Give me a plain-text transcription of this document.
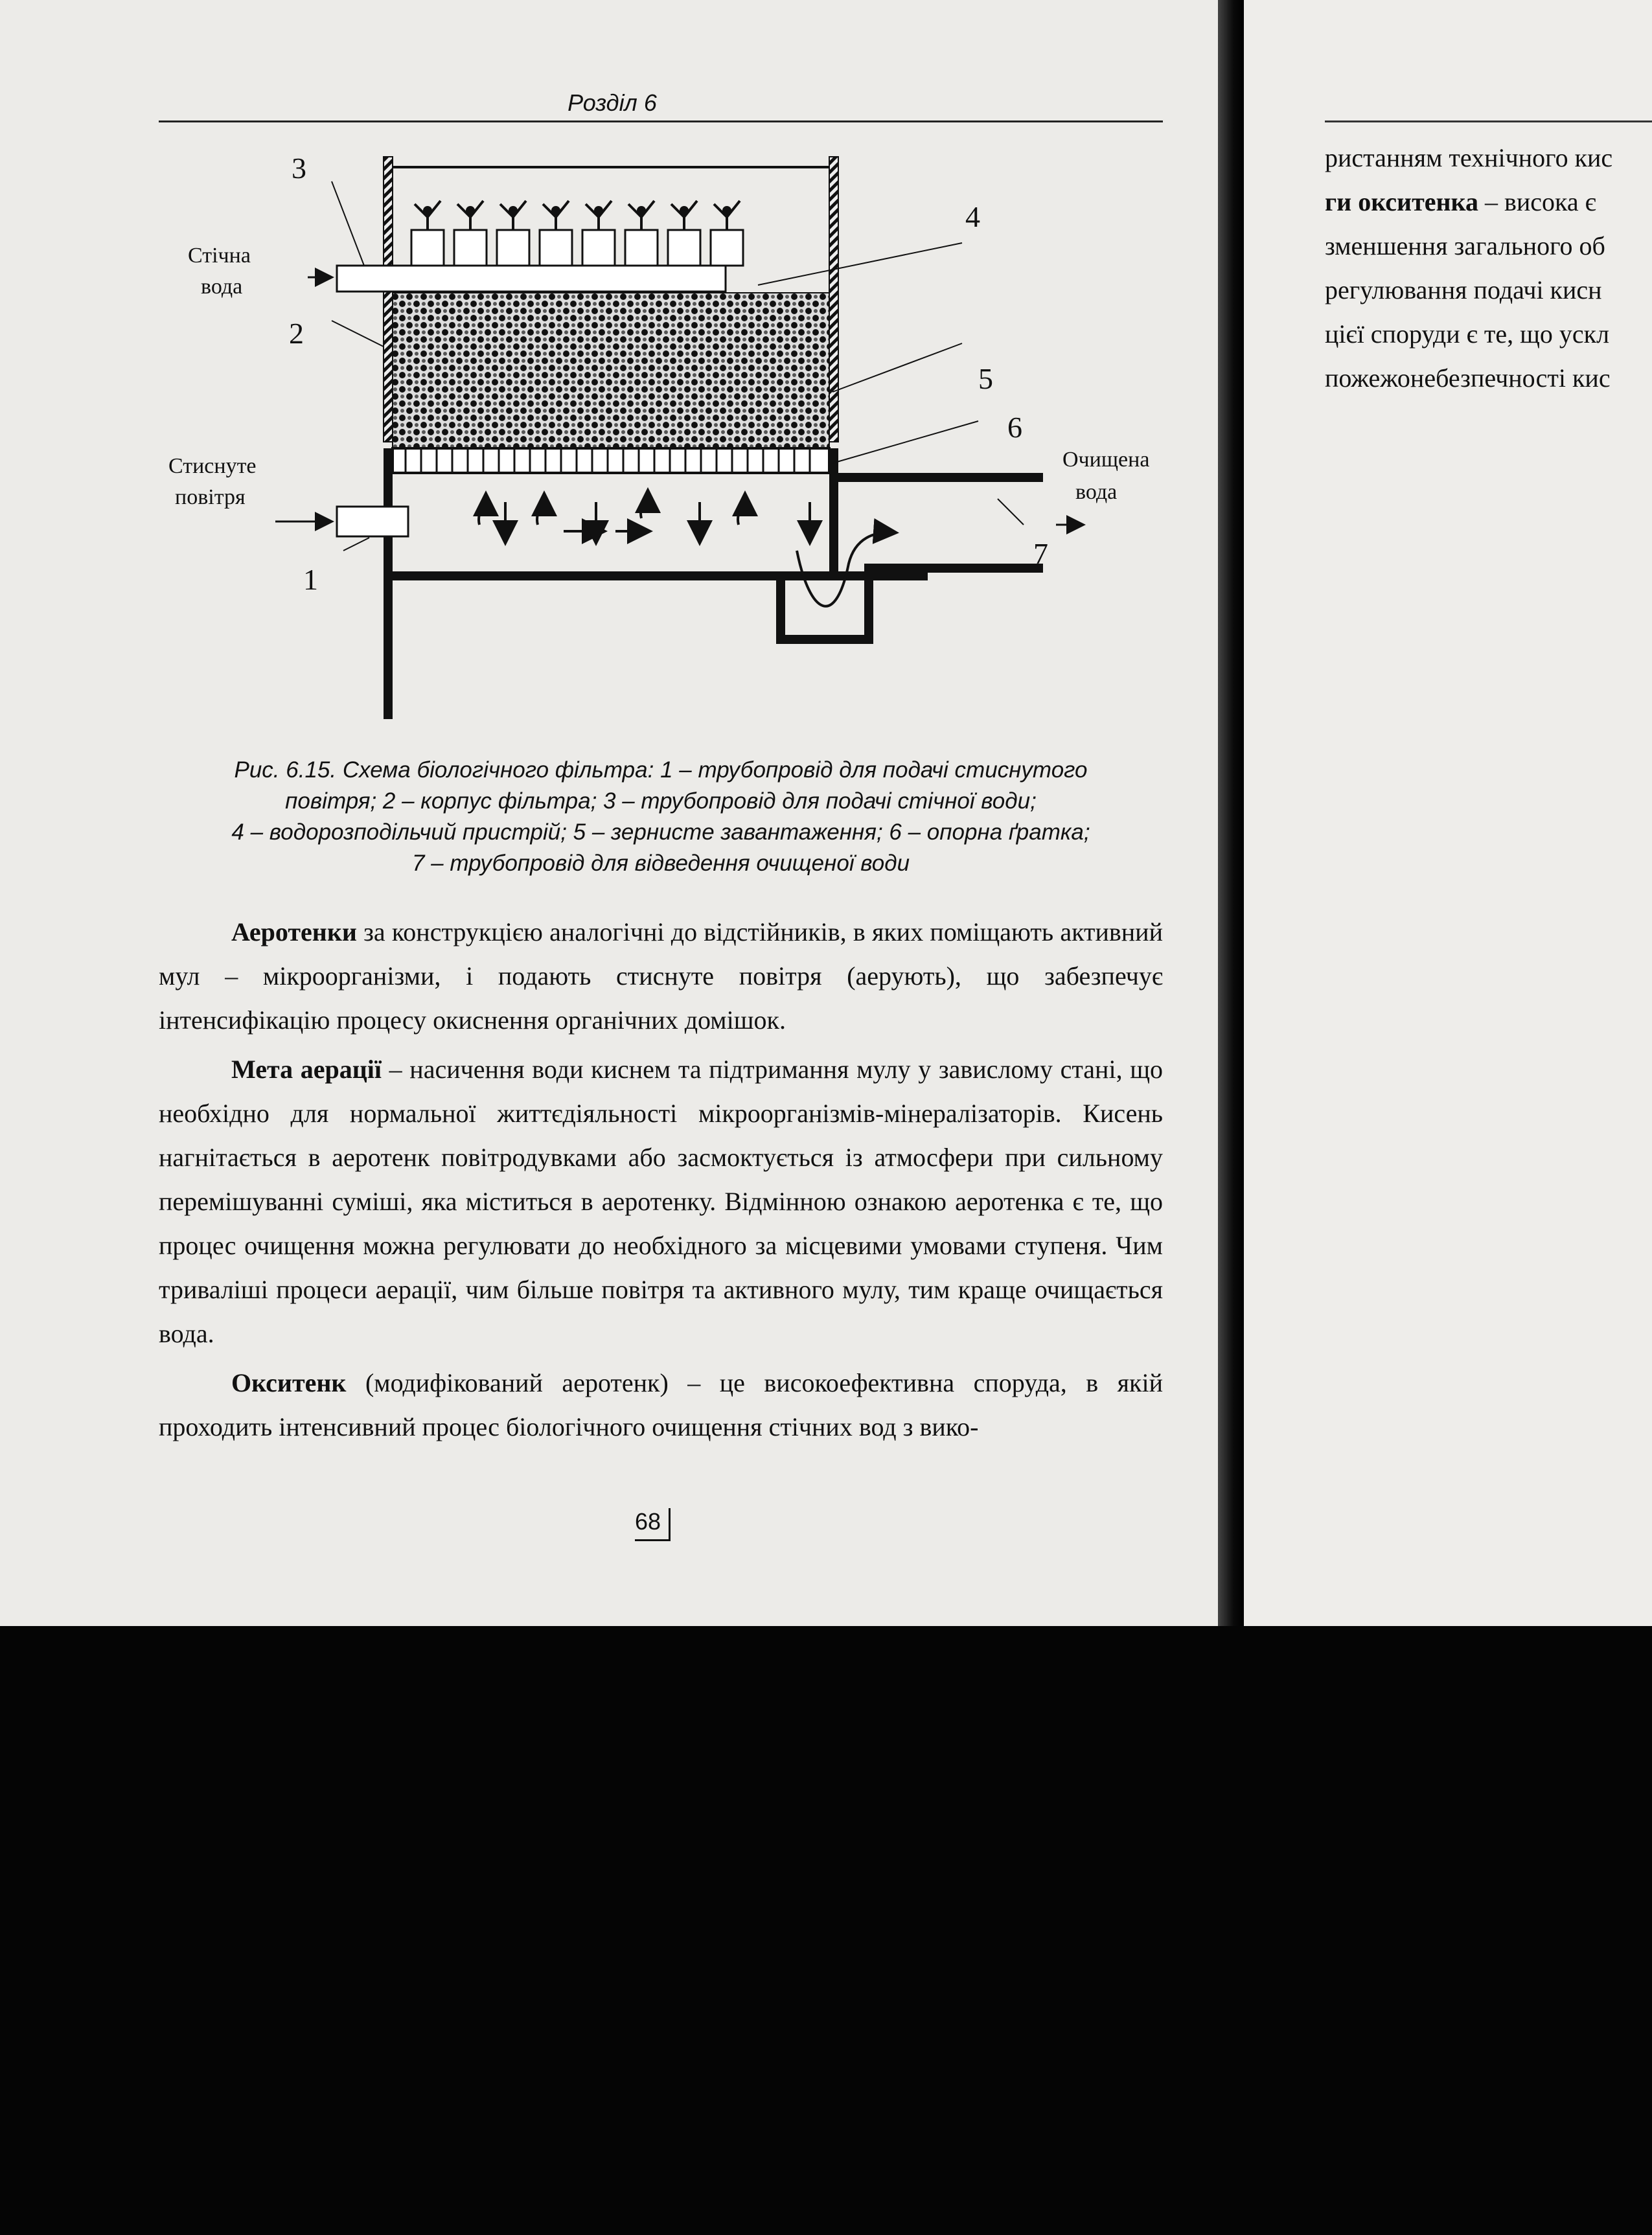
Розділ 6
Стічна
вода
Стиснуте
повітря
Очищена
вода
1
2
3
4
5
6
7
Рис. 6.15. Схема біологічного фільтра: 1 – трубопровід для подачі стиснутого
повітря; 2 – корпус фільтра; 3 – трубопровід для подачі стічної води;
4 – водорозподільчий пристрій; 5 – зернисте завантаження; 6 – опорна ґратка;
7 – трубопровід для відведення очищеної води

Аеротенки за конструкцією аналогічні до відстійників, в яких поміщають активний мул – мікроорганізми, і подають стиснуте повітря (аерують), що забезпечує інтенсифікацію процесу окиснення органічних домішок.

Мета аерації – насичення води киснем та підтримання мулу у завислому стані, що необхідно для нормальної життєдіяльності мікроорганізмів-мінералізаторів. Кисень нагнітається в аеротенк повітродувками або засмоктується із атмосфери при сильному перемішуванні суміші, яка міститься в аеротенку. Відмінною ознакою аеротенка є те, що процес очищення можна регулювати до необхідного за місцевими умовами ступеня. Чим триваліші процеси аерації, чим більше повітря та активного мулу, тим краще очищається вода.

Окситенк (модифікований аеротенк) – це високоефективна споруда, в якій проходить інтенсивний процес біологічного очищення стічних вод з вико-

68
ристанням технічного кис
ги окситенка – висока є
зменшення загального об
регулювання подачі кисн
цієї споруди є те, що ускл
пожежонебезпечності кис
